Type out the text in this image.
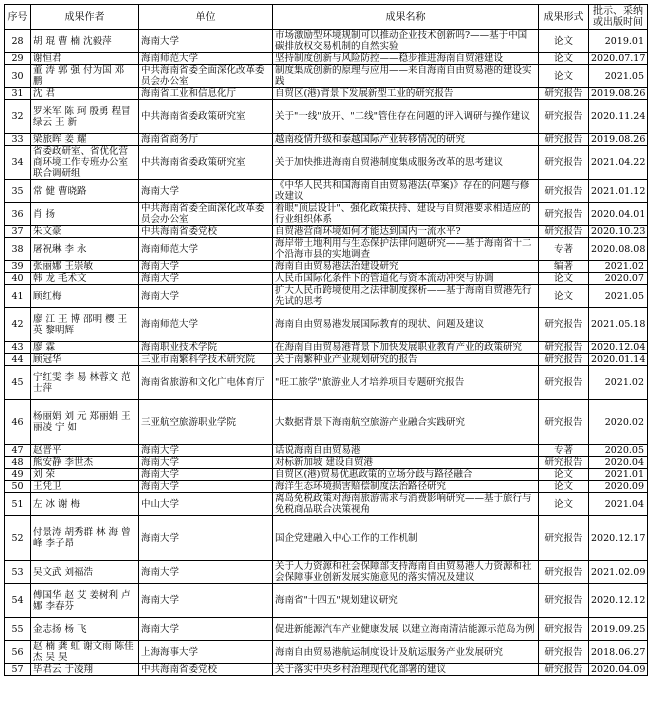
序号	成果作者	单位	成果名称	成果形式	批示、采纳或出版时间
28	胡 琨 曹 楠 沈毅萍	海南大学	市场激励型环境规制可以推动企业技术创新吗?——基于中国碳排放权交易机制的自然实验	论文	2019.01
29	谢恒君	海南师范大学	坚持制度创新与风险防控——稳步推进海南自贸港建设	论文	2020.07.17
30	董 涛 郭 强 付为国 邓 鹏	中共海南省委全面深化改革委员会办公室	制度集成创新的原理与应用——来自海南自由贸易港的建设实践	论文	2021.05
31	沈 君	海南省工业和信息化厅	自贸区(港)背景下发展新型工业的研究报告	研究报告	2019.08.26
32	罗米军 陈 珂 殷勇 程冒绿云 王 新	中共海南省委政策研究室	关于"一线"放开、"二线"管住存在问题的评入调研与操作建议	研究报告	2020.11.24
33	梁旅晖 姜 耀	海南省商务厅	越南疫情升级和泰越国际产业转移情况的研究	研究报告	2019.08.26
34	省委政研室、省优化营商环境工作专班办公室联合调研组	中共海南省委政策研究室	关于加快推进海南自贸港制度集成服务改革的思考建议	研究报告	2021.04.22
35	常 健 曹晓路	海南大学	《中华人民共和国海南自由贸易港法(草案)》存在的问题与修改建议	研究报告	2021.01.12
36	肖 扬	中共海南省委全面深化改革委员会办公室	着眼"顶层设计"、强化政策扶持、建设与自贸港要求相适应的行业组织体系	研究报告	2020.04.01
37	朱文豪	中共海南省委党校	自贸港营商环境如何才能达到国内一流水平?	研究报告	2020.10.23
38	屠祝琳 李 永	海南师范大学	海岸带土地利用与生态保护法律问题研究——基于海南省十二个沿海市县的实地调查	专著	2020.08.08
39	张丽娜 王崇敏	海南大学	海南自由贸易港法治建设研究	编著	2021.02
40	韩 龙 毛术文	海南大学	人民币国际化条件下的管道化与资本流动冲突与协调	论文	2020.07
41	顾红梅	海南大学	扩大人民币跨境使用之法律制度探析——基于海南自贸港先行先试的思考	论文	2021.05
42	廖 江 王 博 邵明 樱 王 英 黎明辉	海南师范大学	海南自由贸易港发展国际教育的现状、问题及建议	研究报告	2021.05.18
43	廖 霖	海南职业技术学院	在海南自由贸易港背景下加快发展职业教育产业的政策研究	研究报告	2020.12.04
44	顾冠华	三亚市南繁科学技术研究院	关于南繁种业产业规划研究的报告	研究报告	2020.01.14
45	宁红雯 李 易 林蓉文 范士萍	海南省旅游和文化广电体育厅	"旺工旅学"旅游业人才培养项目专题研究报告	研究报告	2021.02
46	杨丽娟 刘 元 郑丽娟 王丽凌 宁 如	三亚航空旅游职业学院	大数据背景下海南航空旅游产业融合实践研究	研究报告	2020.02
47	赵晋平	海南大学	话说海南自由贸易港	专著	2020.05
48	熊安静 李世杰	海南大学	对标新加坡 建设自贸港	研究报告	2020.04
49	刘 荣	海南大学	自贸区(港)贸易优惠政策的立场分歧与路径融合	论文	2021.01
50	王凭卫	海南大学	海洋生态环境损害赔偿制度法治路径研究	论文	2020.09
51	左 冰 谢 梅	中山大学	离岛免税政策对海南旅游需求与消费影响研究——基于旅行与免税商品联合决策视角	论文	2021.04
52	付景涛 胡秀群 林 海 曾 峰 李子昂	海南大学	国企党建融入中心工作的工作机制	研究报告	2020.12.17
53	吴文武 刘福浩	海南大学	关于人力资源和社会保障部支持海南自由贸易港人力资源和社会保障事业创新发展实施意见的落实情况及建议	研究报告	2021.02.09
54	傅国华 赵 艾 姜树利 卢 娜 李春芬	海南大学	海南省"十四五"规划建议研究	研究报告	2020.12.12
55	金志扬 杨 飞	海南大学	促进新能源汽车产业健康发展 以建立海南清洁能源示范岛为例	研究报告	2019.09.25
56	赵 楠 龚 虹 谢文雨 陈佳杰 吴 昊	上海海事大学	海南自由贸易港航运制度设计及航运服务产业发展研究	研究报告	2018.06.27
57	毕君云 于凌翔	中共海南省委党校	关于落实中央乡村治理现代化部署的建议	研究报告	2020.04.09
